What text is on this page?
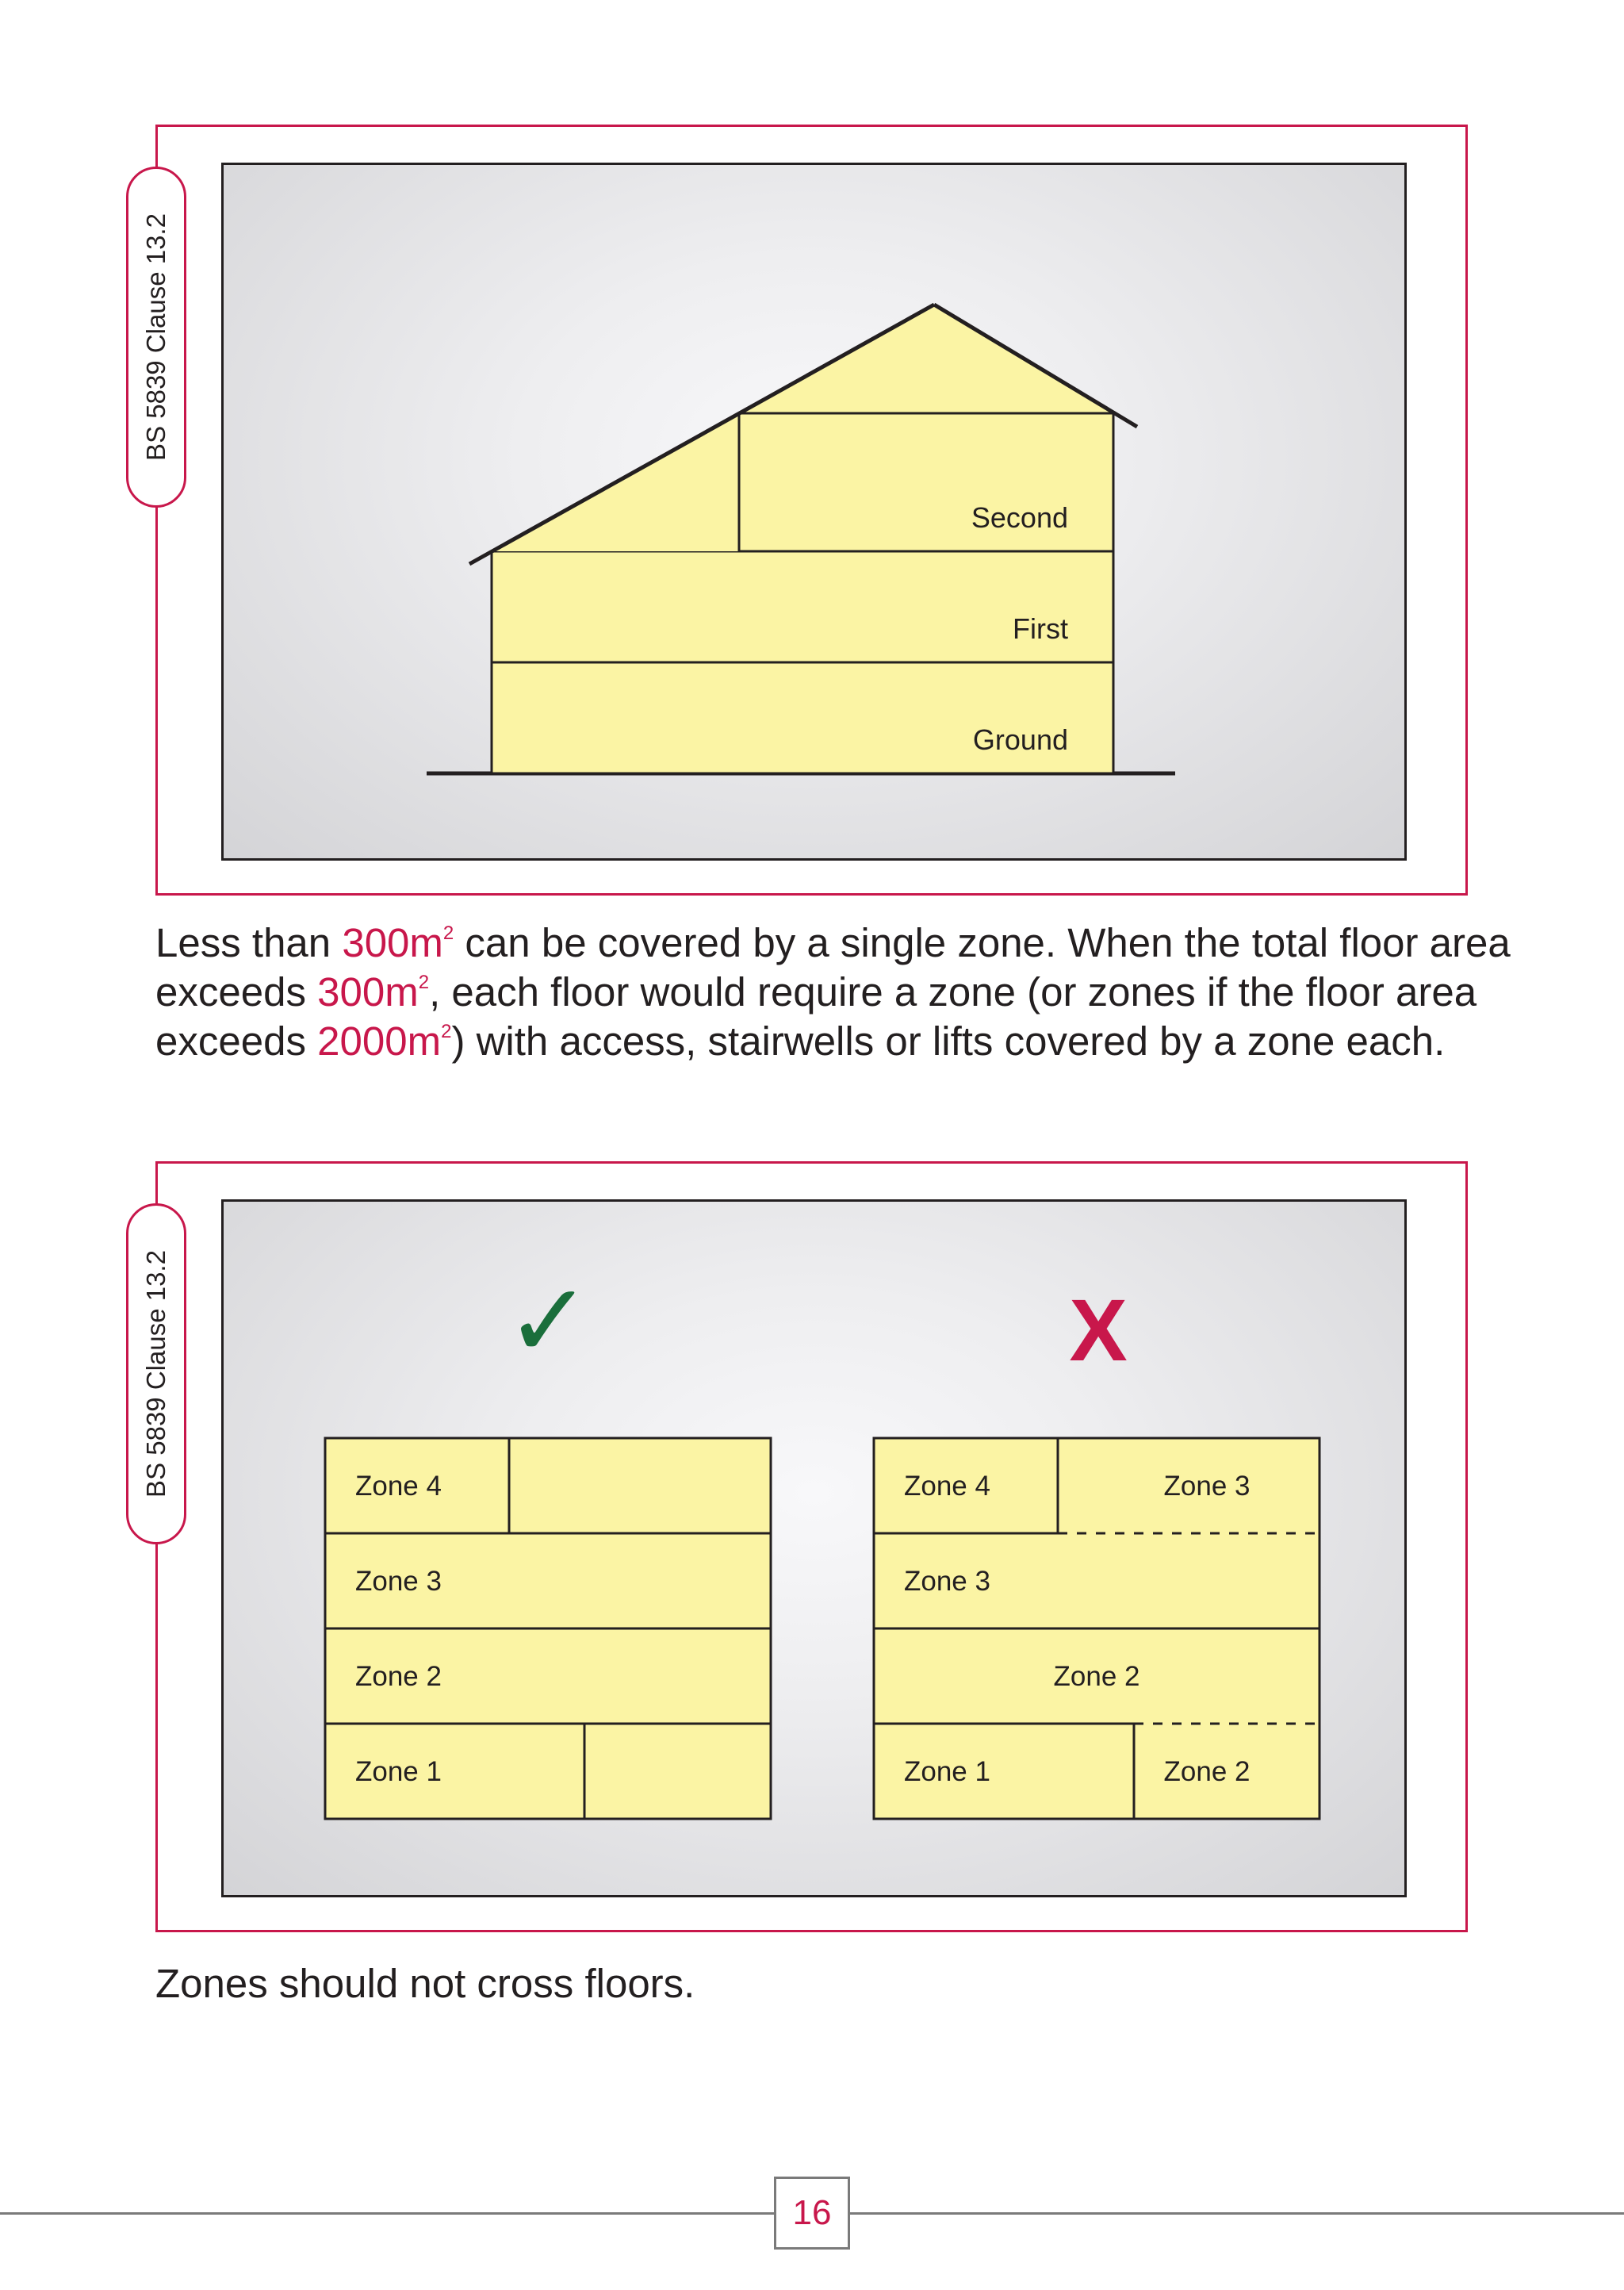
BS 5839 Clause 13.2
Second
First
Ground

Less than $300m^2$ can be covered by a single zone. When the total floor area
exceeds $300m^2$, each floor would require a zone (or zones if the floor area
exceeds $2000m^2$) with access, stairwells or lifts covered by a zone each.

BS 5839 Clause 13.2	✓	X
Zone 4
Zone 3
Zone 2
Zone 1
Zone 4	Zone 3
Zone 3
Zone 2
Zone 1	Zone 2

Zones should not cross floors.

16
